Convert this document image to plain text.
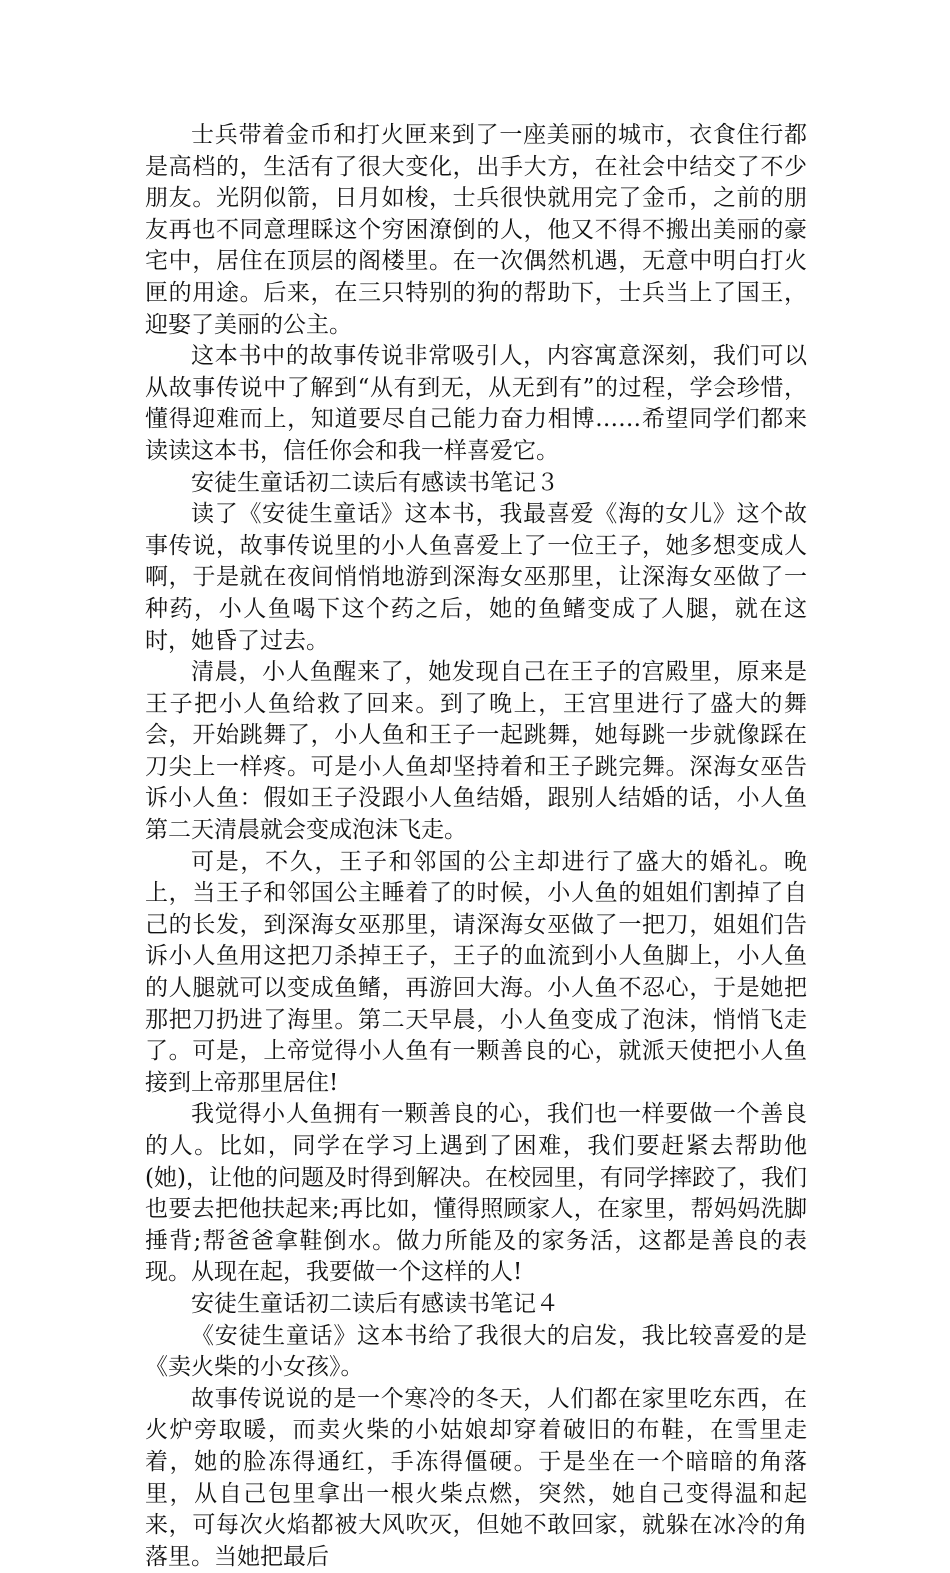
士兵带着金币和打火匣来到了一座美丽的城市，衣食住行都是高档的，生活有了很大变化，出手大方，在社会中结交了不少朋友。光阴似箭，日月如梭，士兵很快就用完了金币，之前的朋友再也不同意理睬这个穷困潦倒的人，他又不得不搬出美丽的豪宅中，居住在顶层的阁楼里。在一次偶然机遇，无意中明白打火匣的用途。后来，在三只特别的狗的帮助下，士兵当上了国王，迎娶了美丽的公主。

这本书中的故事传说非常吸引人，内容寓意深刻，我们可以从故事传说中了解到“从有到无，从无到有”的过程，学会珍惜，懂得迎难而上，知道要尽自己能力奋力相博……希望同学们都来读读这本书，信任你会和我一样喜爱它。

安徒生童话初二读后有感读书笔记３

读了《安徒生童话》这本书，我最喜爱《海的女儿》这个故事传说，故事传说里的小人鱼喜爱上了一位王子，她多想变成人啊，于是就在夜间悄悄地游到深海女巫那里，让深海女巫做了一种药，小人鱼喝下这个药之后，她的鱼鳍变成了人腿，就在这时，她昏了过去。

清晨，小人鱼醒来了，她发现自己在王子的宫殿里，原来是王子把小人鱼给救了回来。到了晚上，王宫里进行了盛大的舞会，开始跳舞了，小人鱼和王子一起跳舞，她每跳一步就像踩在刀尖上一样疼。可是小人鱼却坚持着和王子跳完舞。深海女巫告诉小人鱼：假如王子没跟小人鱼结婚，跟别人结婚的话，小人鱼第二天清晨就会变成泡沫飞走。

可是，不久，王子和邻国的公主却进行了盛大的婚礼。晚上，当王子和邻国公主睡着了的时候，小人鱼的姐姐们割掉了自己的长发，到深海女巫那里，请深海女巫做了一把刀，姐姐们告诉小人鱼用这把刀杀掉王子，王子的血流到小人鱼脚上，小人鱼的人腿就可以变成鱼鳍，再游回大海。小人鱼不忍心，于是她把那把刀扔进了海里。第二天早晨，小人鱼变成了泡沫，悄悄飞走了。可是，上帝觉得小人鱼有一颗善良的心，就派天使把小人鱼接到上帝那里居住!

我觉得小人鱼拥有一颗善良的心，我们也一样要做一个善良的人。比如，同学在学习上遇到了困难，我们要赶紧去帮助他(她)，让他的问题及时得到解决。在校园里，有同学摔跤了，我们也要去把他扶起来;再比如，懂得照顾家人，在家里，帮妈妈洗脚捶背;帮爸爸拿鞋倒水。做力所能及的家务活，这都是善良的表现。从现在起，我要做一个这样的人!

安徒生童话初二读后有感读书笔记４

《安徒生童话》这本书给了我很大的启发，我比较喜爱的是《卖火柴的小女孩》。

故事传说说的是一个寒冷的冬天，人们都在家里吃东西，在火炉旁取暖，而卖火柴的小姑娘却穿着破旧的布鞋，在雪里走着，她的脸冻得通红，手冻得僵硬。于是坐在一个暗暗的角落里，从自己包里拿出一根火柴点燃，突然，她自己变得温和起来，可每次火焰都被大风吹灭，但她不敢回家，就躲在冰冷的角落里。当她把最后
